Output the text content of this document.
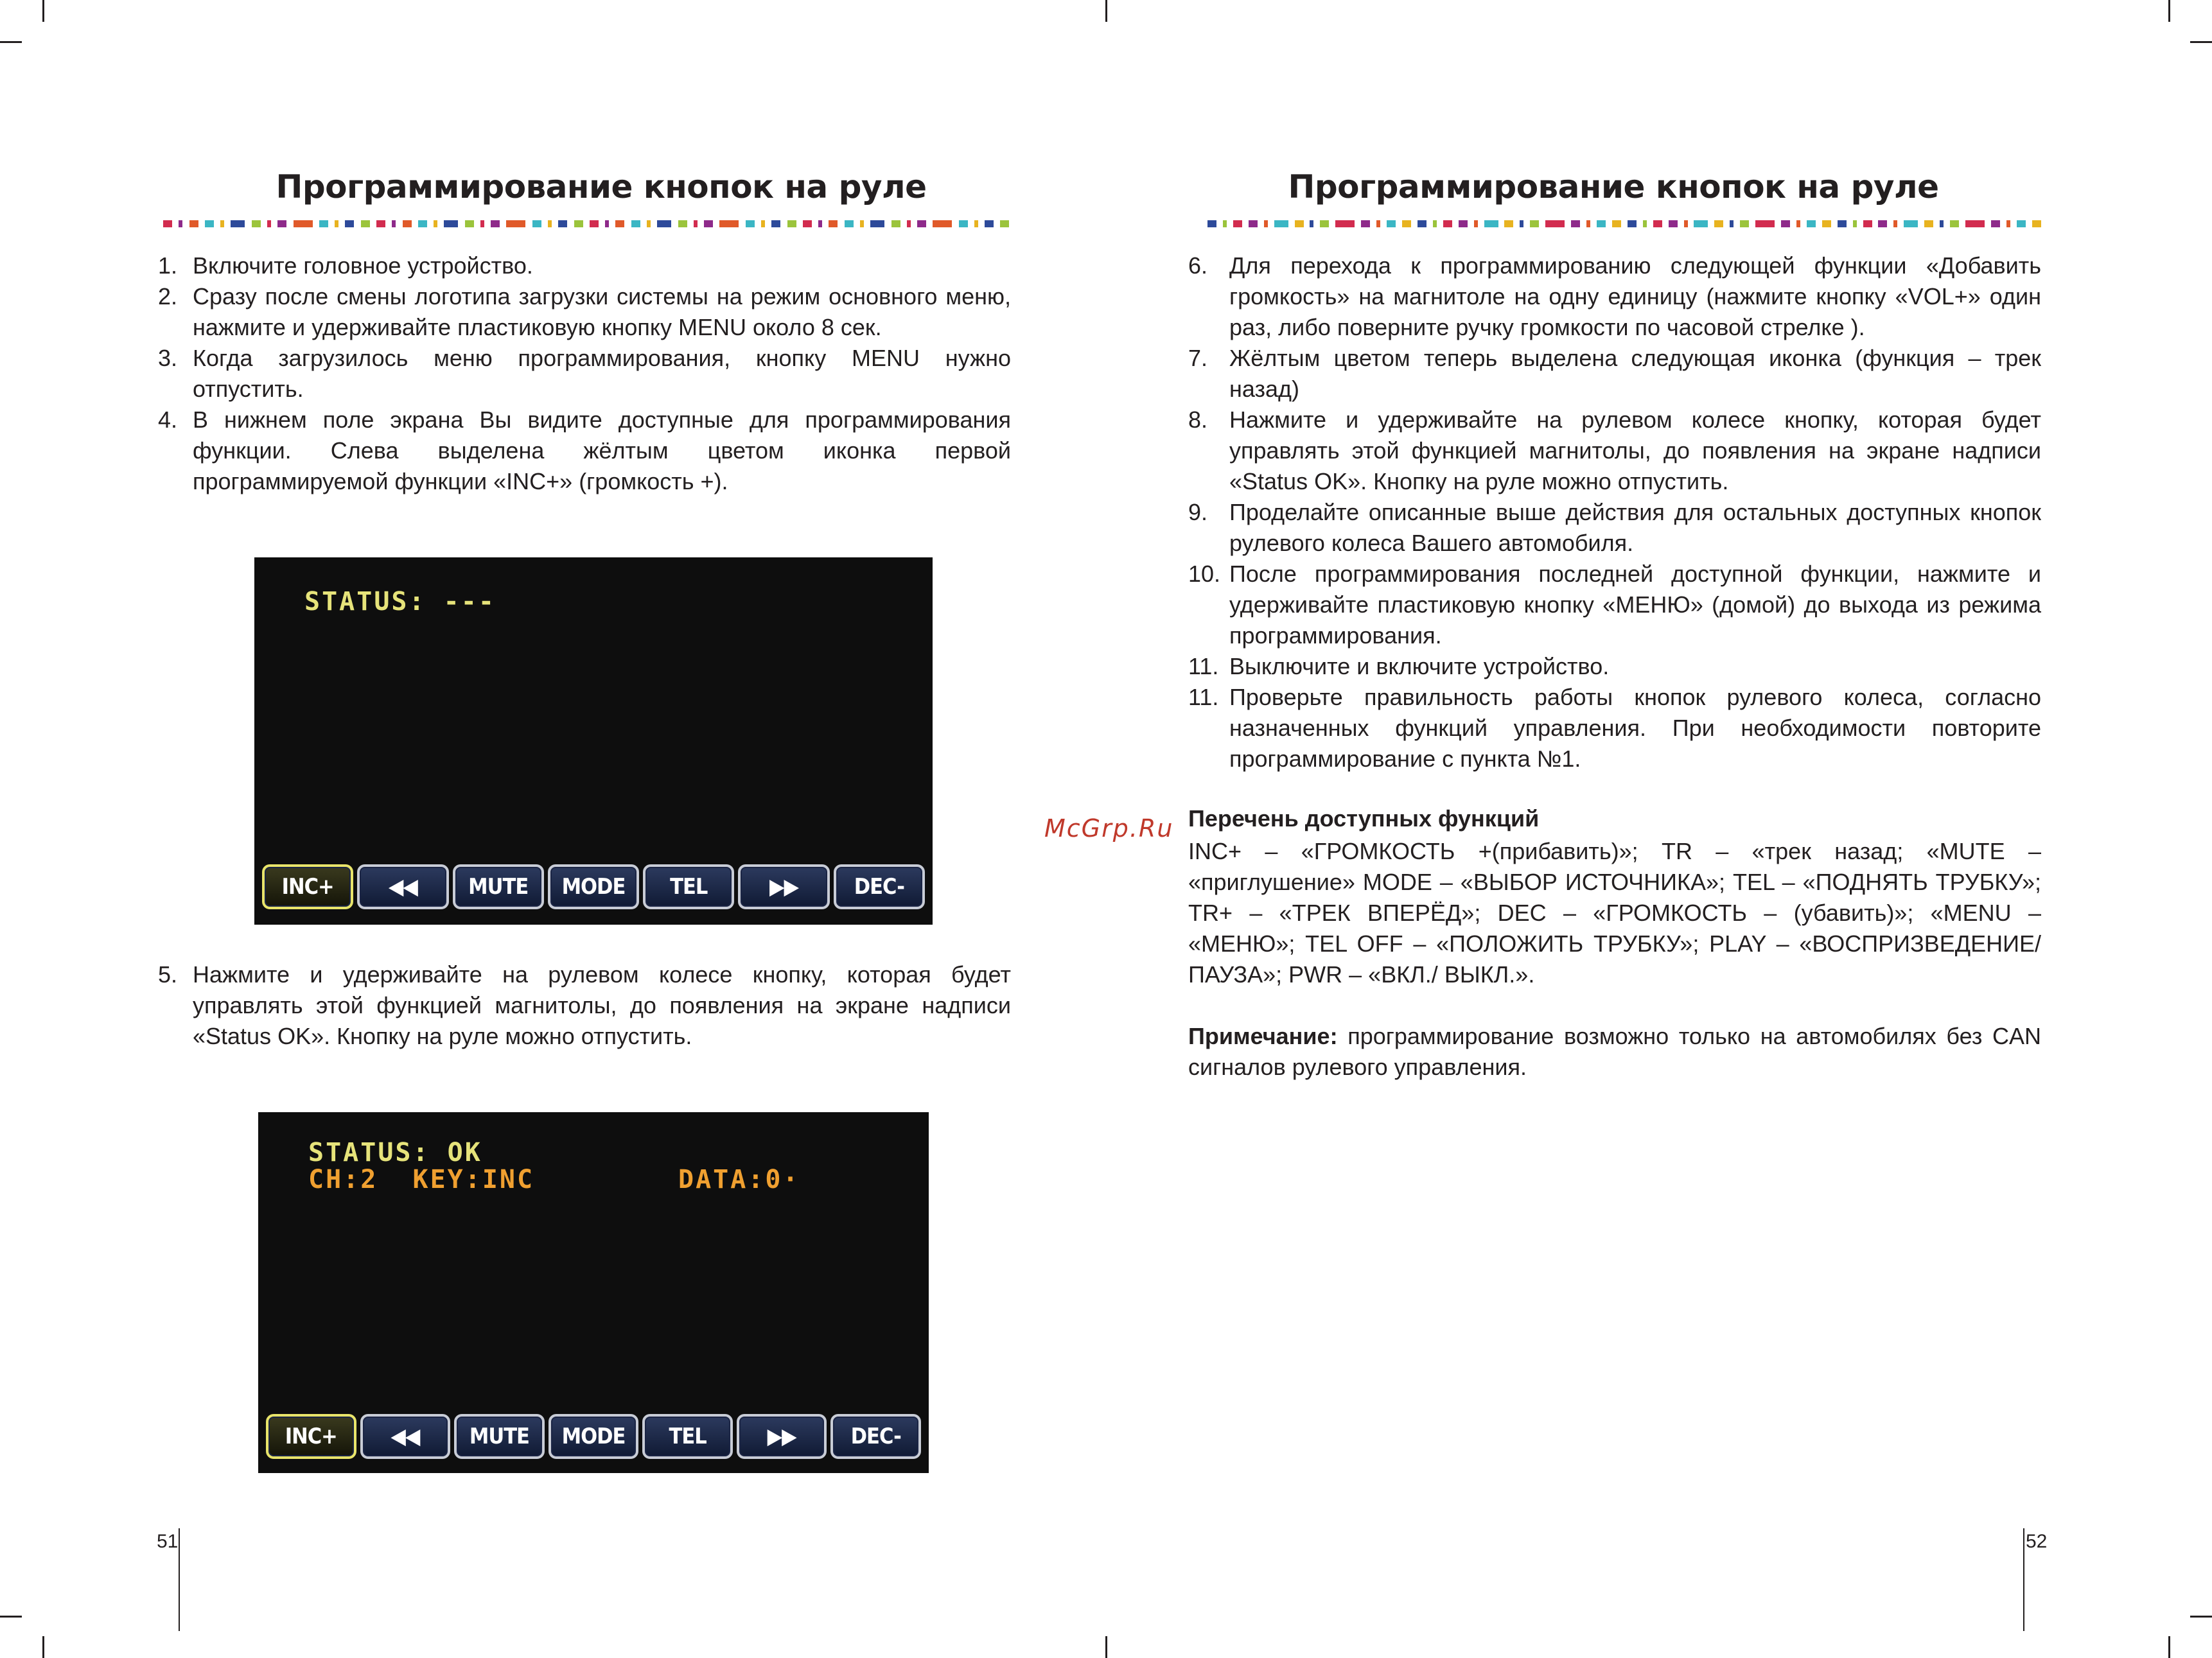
Программирование кнопок на руле
1. Включите головное устройство.
2. Сразу после смены логотипа загрузки системы на режим основного меню, нажмите и удерживайте пластиковую кнопку MENU около 8 сек.
3. Когда загрузилось меню программирования, кнопку MENU нужно отпустить.
4. В нижнем поле экрана Вы видите доступные для программирования функции. Слева выделена жёлтым цветом иконка первой программируемой функции «INC+» (громкость +).
STATUS: ---
INC+	◀◀	MUTE	MODE	TEL	▶▶	DEC-
5. Нажмите и удерживайте на рулевом колесе кнопку, которая будет управлять этой функцией магнитолы, до появления на экране надписи «Status OK». Кнопку на руле можно отпустить.
STATUS: OK
CH:2  KEY:INC	DATA:0·
INC+	◀◀	MUTE	MODE	TEL	▶▶	DEC-
51
Программирование кнопок на руле
6. Для перехода к программированию следующей функции «Добавить громкость» на магнитоле на одну единицу (нажмите кнопку «VOL+» один раз, либо поверните ручку громкости по часовой стрелке ).
7. Жёлтым цветом теперь выделена следующая иконка (функция – трек назад)
8. Нажмите и удерживайте на рулевом колесе кнопку, которая будет управлять этой функцией магнитолы, до появления на экране надписи «Status OK». Кнопку на руле можно отпустить.
9. Проделайте описанные выше действия для остальных доступных кнопок рулевого колеса Вашего автомобиля.
10. После программирования последней доступной функции, нажмите и удерживайте пластиковую кнопку «МЕНЮ» (домой) до выхода из режима программирования.
11. Выключите и включите устройство.
11. Проверьте правильность работы кнопок рулевого колеса, согласно назначенных функций управления. При необходимости повторите программирование с пункта №1.
McGrp.Ru Перечень доступных функций

INC+ – «ГРОМКОСТЬ +(прибавить)»; TR – «трек назад; «MUTE – «приглушение» MODE – «ВЫБОР ИСТОЧНИКА»; TEL – «ПОДНЯТЬ ТРУБКУ»; TR+ – «ТРЕК ВПЕРЁД»; DEC – «ГРОМКОСТЬ – (убавить)»; «MENU – «МЕНЮ»; TEL OFF – «ПОЛОЖИТЬ ТРУБКУ»; PLAY – «ВОСПРИЗВЕДЕНИЕ/ ПАУЗА»; PWR – «ВКЛ./ ВЫКЛ.».

Примечание: программирование возможно только на автомобилях без CAN сигналов рулевого управления.

52
